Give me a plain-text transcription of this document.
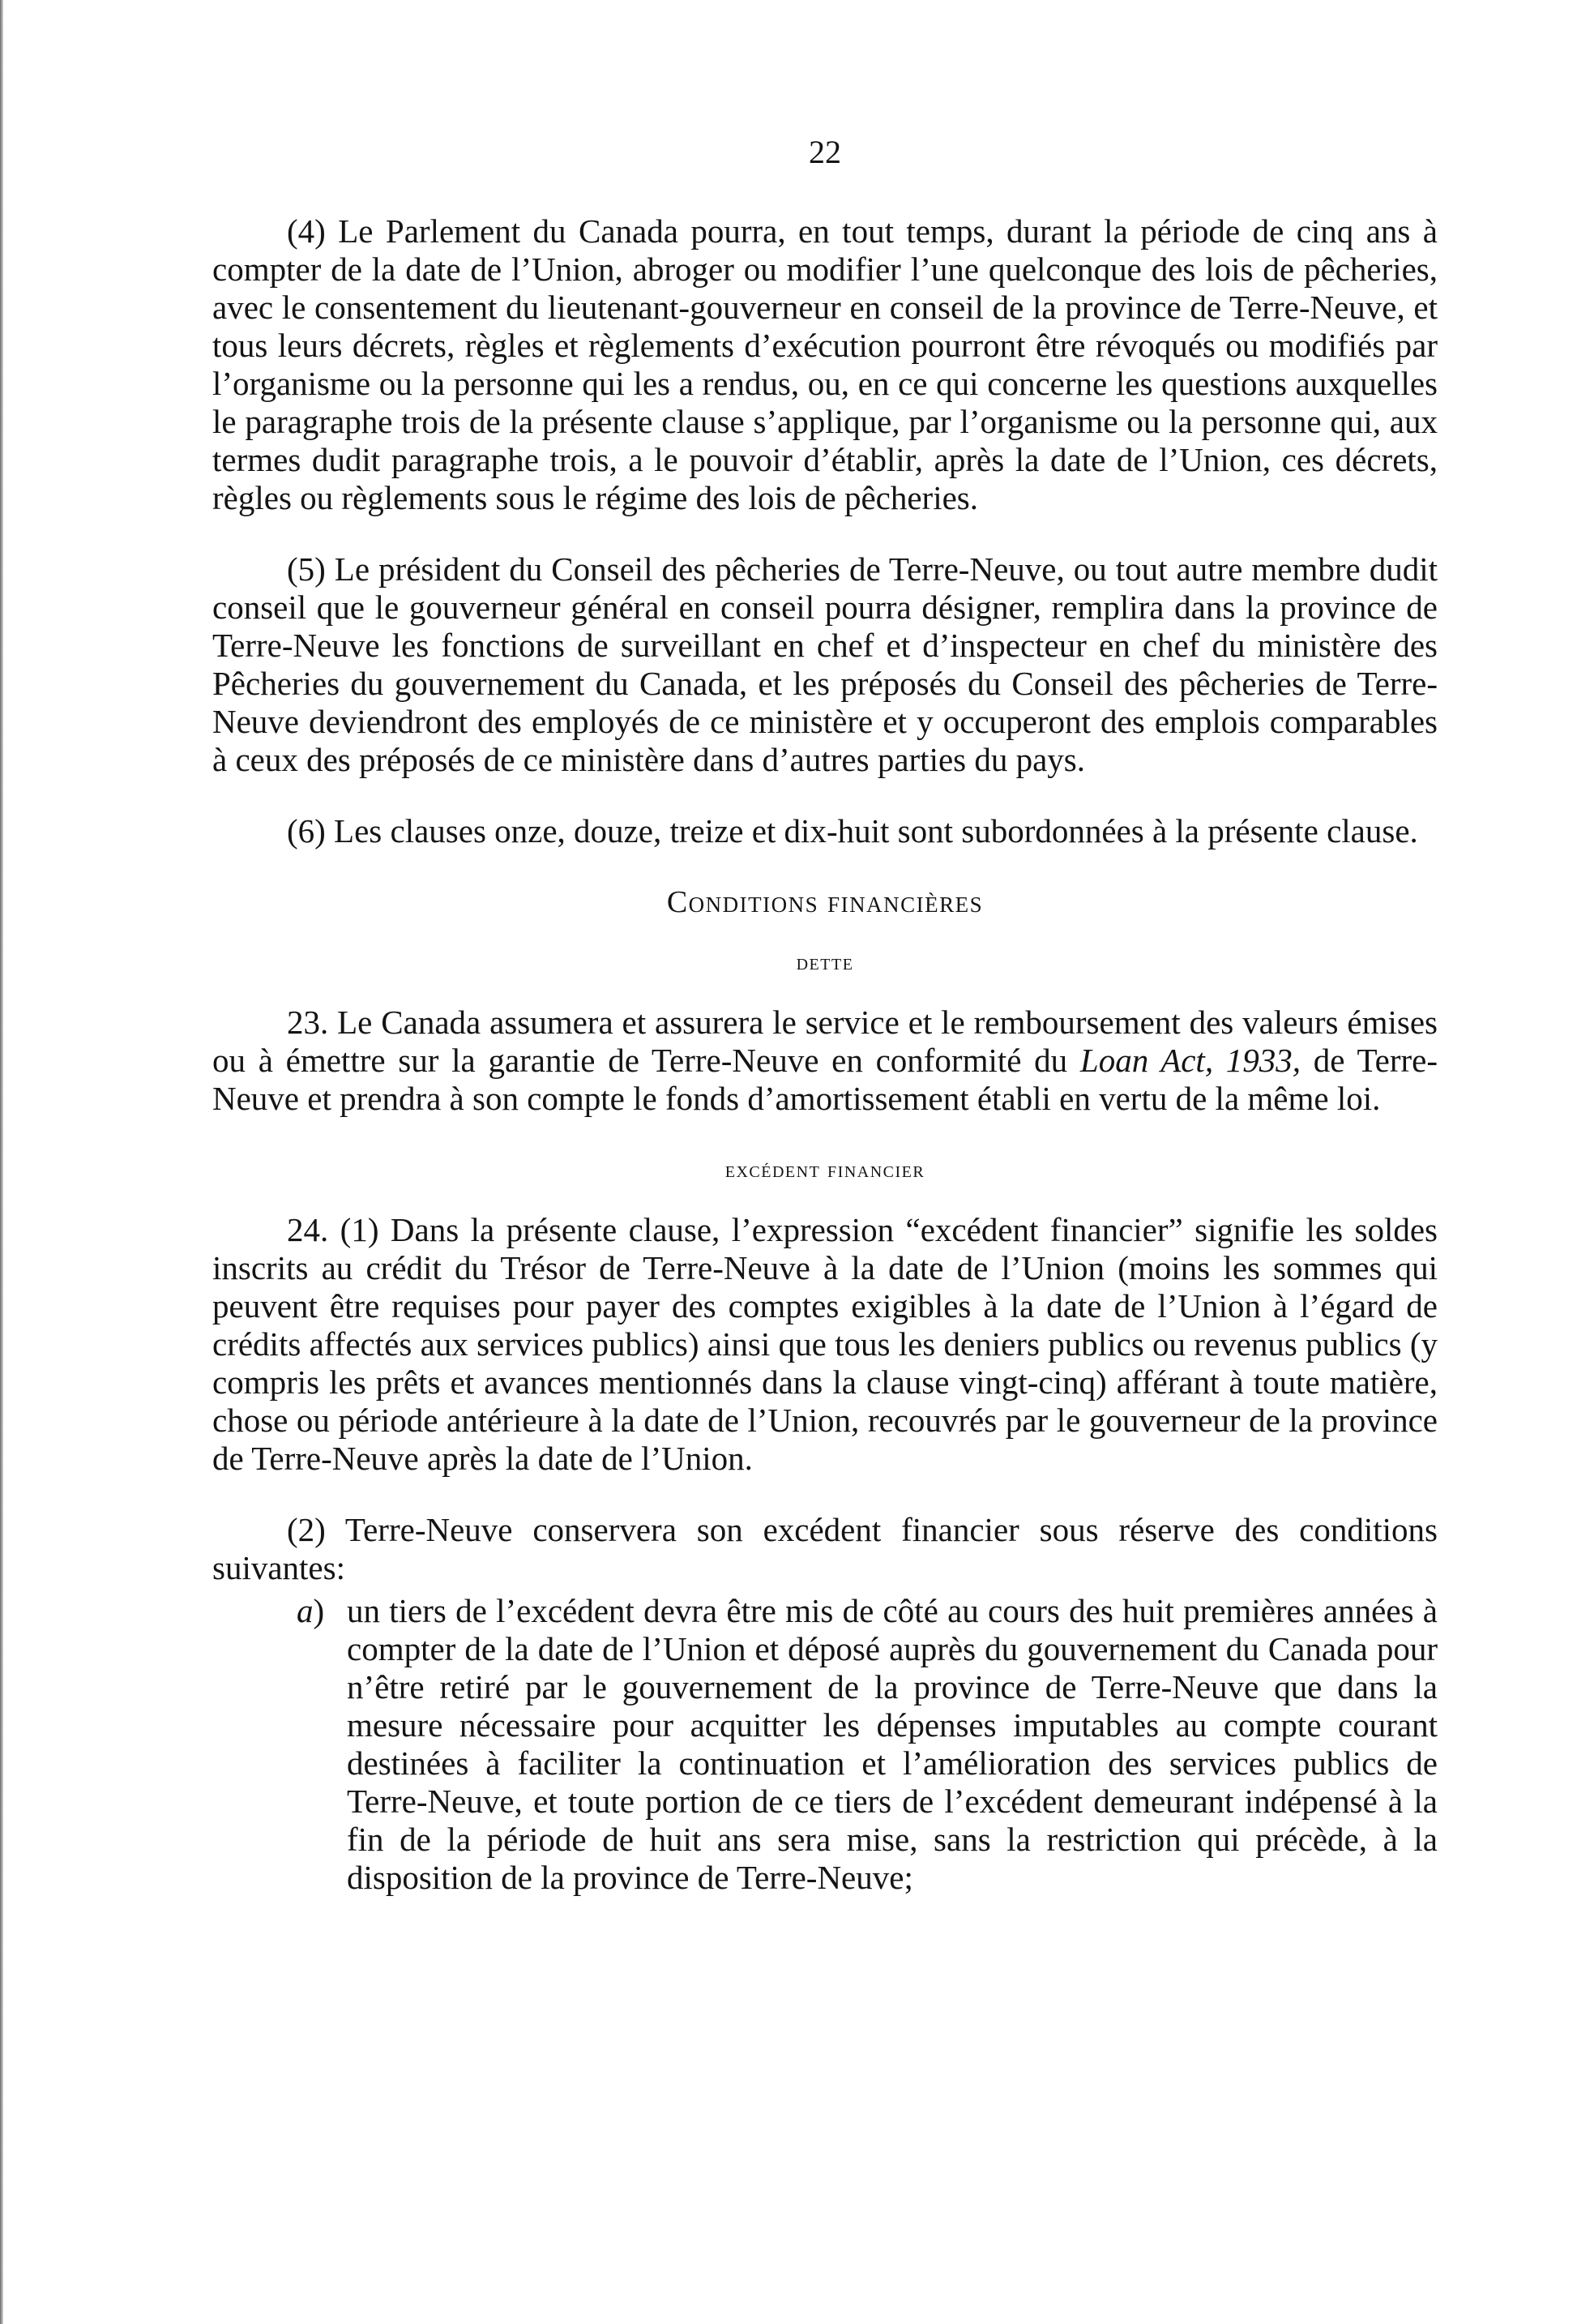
22

(4) Le Parlement du Canada pourra, en tout temps, durant la période de cinq ans à compter de la date de l’Union, abroger ou modifier l’une quelconque des lois de pêcheries, avec le consentement du lieutenant-gouverneur en conseil de la province de Terre-Neuve, et tous leurs décrets, règles et règlements d’exécution pourront être révoqués ou modifiés par l’organisme ou la personne qui les a rendus, ou, en ce qui concerne les questions auxquelles le paragraphe trois de la présente clause s’applique, par l’organisme ou la personne qui, aux termes dudit paragraphe trois, a le pouvoir d’établir, après la date de l’Union, ces décrets, règles ou règlements sous le régime des lois de pêcheries.

(5) Le président du Conseil des pêcheries de Terre-Neuve, ou tout autre membre dudit conseil que le gouverneur général en conseil pourra désigner, remplira dans la province de Terre-Neuve les fonctions de surveillant en chef et d’inspecteur en chef du ministère des Pêcheries du gouvernement du Canada, et les préposés du Conseil des pêcheries de Terre-Neuve deviendront des employés de ce ministère et y occuperont des emplois comparables à ceux des préposés de ce ministère dans d’autres parties du pays.

(6) Les clauses onze, douze, treize et dix-huit sont subordonnées à la présente clause.

Conditions financières

dette

23. Le Canada assumera et assurera le service et le remboursement des valeurs émises ou à émettre sur la garantie de Terre-Neuve en conformité du Loan Act, 1933, de Terre-Neuve et prendra à son compte le fonds d’amortissement établi en vertu de la même loi.

excédent financier

24. (1) Dans la présente clause, l’expression “excédent financier” signifie les soldes inscrits au crédit du Trésor de Terre-Neuve à la date de l’Union (moins les sommes qui peuvent être requises pour payer des comptes exigibles à la date de l’Union à l’égard de crédits affectés aux services publics) ainsi que tous les deniers publics ou revenus publics (y compris les prêts et avances mentionnés dans la clause vingt-cinq) afférant à toute matière, chose ou période antérieure à la date de l’Union, recouvrés par le gouverneur de la province de Terre-Neuve après la date de l’Union.

(2) Terre-Neuve conservera son excédent financier sous réserve des conditions suivantes:

a) un tiers de l’excédent devra être mis de côté au cours des huit premières années à compter de la date de l’Union et déposé auprès du gouvernement du Canada pour n’être retiré par le gouvernement de la province de Terre-Neuve que dans la mesure nécessaire pour acquitter les dépenses imputables au compte courant destinées à faciliter la continuation et l’amélioration des services publics de Terre-Neuve, et toute portion de ce tiers de l’excédent demeurant indépensé à la fin de la période de huit ans sera mise, sans la restriction qui précède, à la disposition de la province de Terre-Neuve;
